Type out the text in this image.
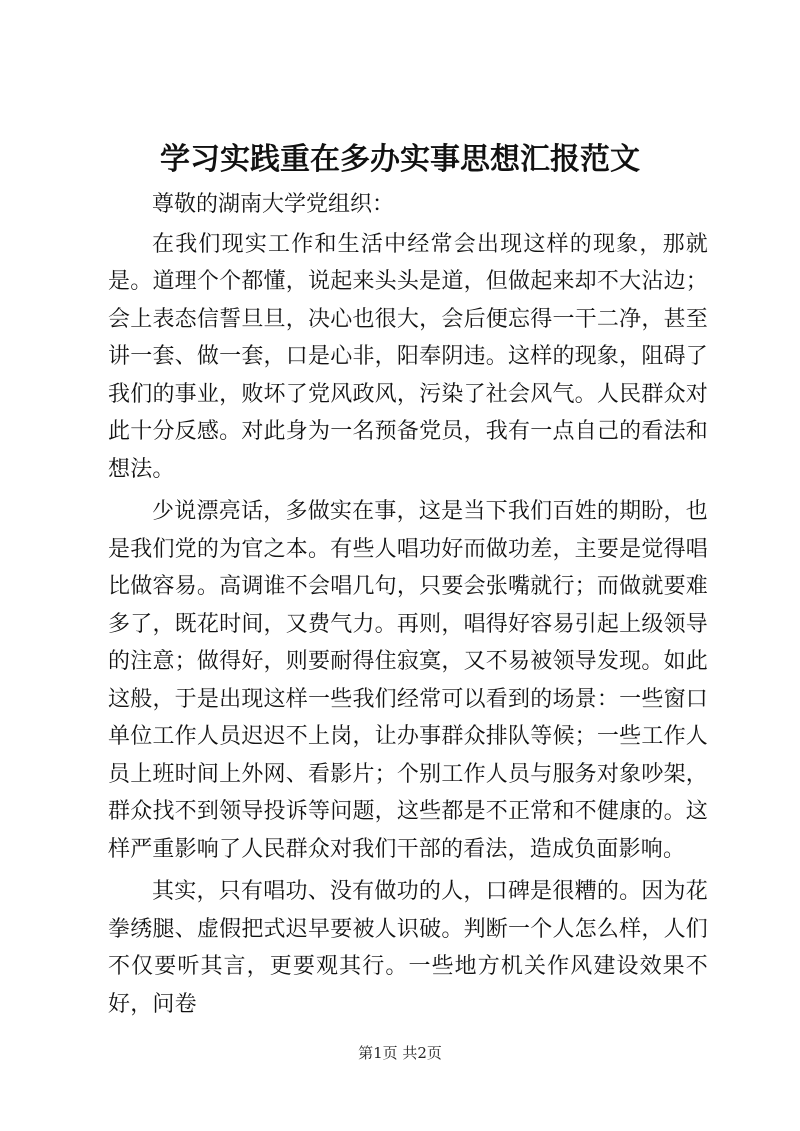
学习实践重在多办实事思想汇报范文

尊敬的湖南大学党组织：

在我们现实工作和生活中经常会出现这样的现象，那就是。道理个个都懂，说起来头头是道，但做起来却不大沾边；会上表态信誓旦旦，决心也很大，会后便忘得一干二净，甚至讲一套、做一套，口是心非，阳奉阴违。这样的现象，阻碍了我们的事业，败坏了党风政风，污染了社会风气。人民群众对此十分反感。对此身为一名预备党员，我有一点自己的看法和想法。

少说漂亮话，多做实在事，这是当下我们百姓的期盼，也是我们党的为官之本。有些人唱功好而做功差，主要是觉得唱比做容易。高调谁不会唱几句，只要会张嘴就行；而做就要难多了，既花时间，又费气力。再则，唱得好容易引起上级领导的注意；做得好，则要耐得住寂寞，又不易被领导发现。如此这般，于是出现这样一些我们经常可以看到的场景：一些窗口单位工作人员迟迟不上岗，让办事群众排队等候；一些工作人员上班时间上外网、看影片；个别工作人员与服务对象吵架，群众找不到领导投诉等问题，这些都是不正常和不健康的。这样严重影响了人民群众对我们干部的看法，造成负面影响。

其实，只有唱功、没有做功的人，口碑是很糟的。因为花拳绣腿、虚假把式迟早要被人识破。判断一个人怎么样，人们不仅要听其言，更要观其行。一些地方机关作风建设效果不好，问卷

第1页 共2页
